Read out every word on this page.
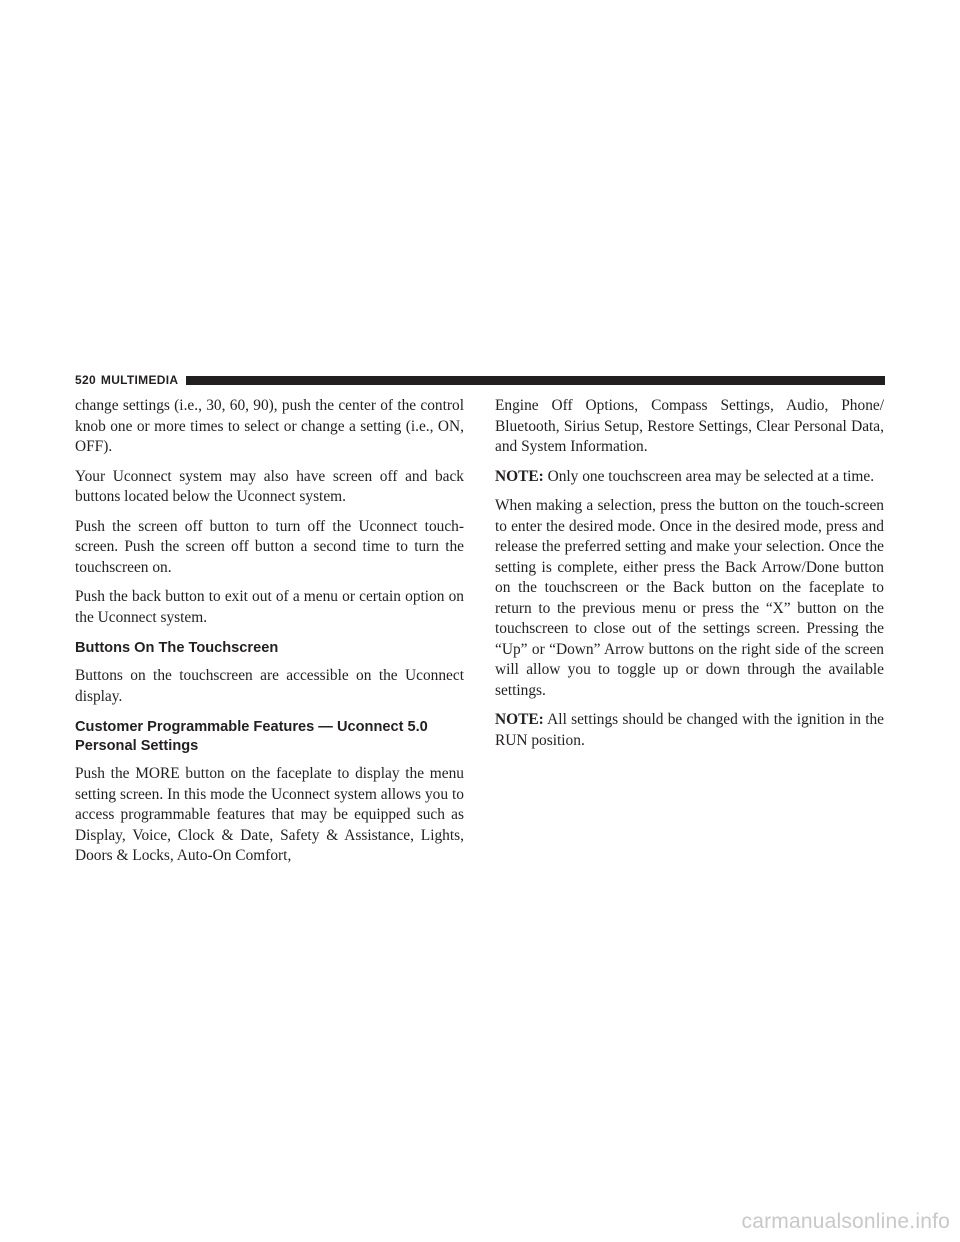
520 MULTIMEDIA

change settings (i.e., 30, 60, 90), push the center of the control knob one or more times to select or change a setting (i.e., ON, OFF).

Your Uconnect system may also have screen off and back buttons located below the Uconnect system.

Push the screen off button to turn off the Uconnect touch-screen. Push the screen off button a second time to turn the touchscreen on.

Push the back button to exit out of a menu or certain option on the Uconnect system.

Buttons On The Touchscreen

Buttons on the touchscreen are accessible on the Uconnect display.

Customer Programmable Features — Uconnect 5.0
Personal Settings

Push the MORE button on the faceplate to display the menu setting screen. In this mode the Uconnect system allows you to access programmable features that may be equipped such as Display, Voice, Clock & Date, Safety & Assistance, Lights, Doors & Locks, Auto-On Comfort,

Engine Off Options, Compass Settings, Audio, Phone/ Bluetooth, Sirius Setup, Restore Settings, Clear Personal Data, and System Information.

NOTE: Only one touchscreen area may be selected at a time.

When making a selection, press the button on the touch-screen to enter the desired mode. Once in the desired mode, press and release the preferred setting and make your selection. Once the setting is complete, either press the Back Arrow/Done button on the touchscreen or the Back button on the faceplate to return to the previous menu or press the “X” button on the touchscreen to close out of the settings screen. Pressing the “Up” or “Down” Arrow buttons on the right side of the screen will allow you to toggle up or down through the available settings.

NOTE: All settings should be changed with the ignition in the RUN position.

carmanualsonline.info
